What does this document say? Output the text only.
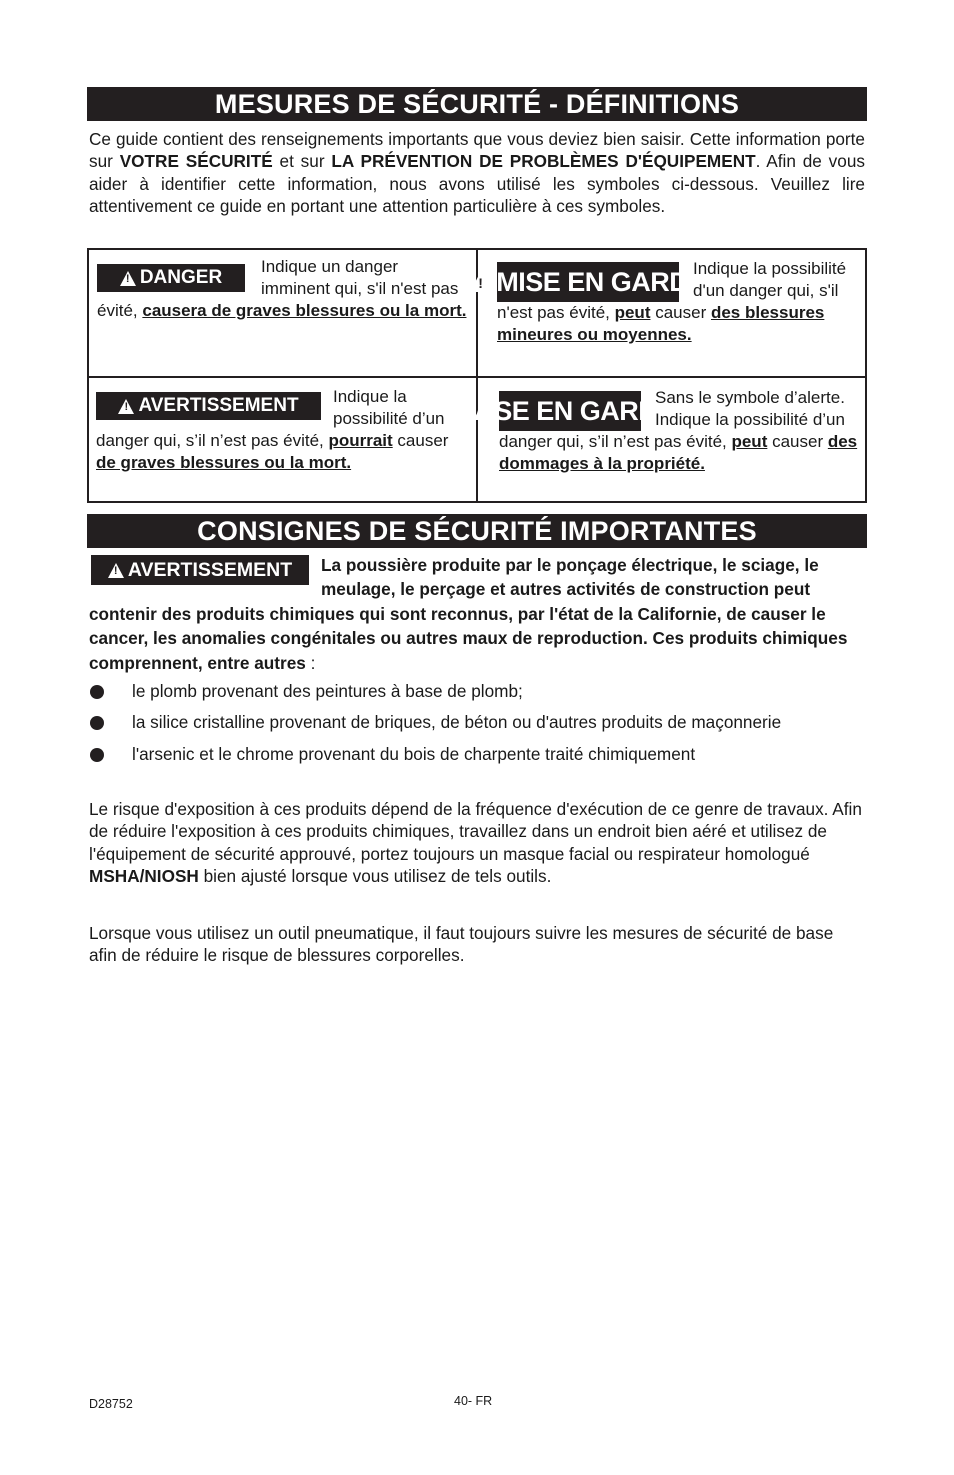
MESURES DE SÉCURITÉ - DÉFINITIONS

Ce guide contient des renseignements importants que vous deviez bien saisir. Cette information porte sur VOTRE SÉCURITÉ et sur LA PRÉVENTION DE PROBLÈMES D'ÉQUIPEMENT. Afin de vous aider à identifier cette information, nous avons utilisé les symboles ci-dessous. Veuillez lire attentivement ce guide en portant une attention particulière à ces symboles.

!
DANGER
Indique un danger imminent qui, s'il n'est pas évité, causera de graves blessures ou la mort.
!
MISE EN GARDE
Indique la possibilité d'un danger qui, s'il n'est pas évité, peut causer des blessures mineures ou moyennes.
!
AVERTISSEMENT Indique la possibilité d’un danger qui, s’il n’est pas évité, pourrait causer de graves blessures ou la mort.
MISE EN GARDE
Sans le symbole d’alerte. Indique la possibilité d’un danger qui, s’il n’est pas évité, peut causer des dommages à la propriété.
CONSIGNES DE SÉCURITÉ IMPORTANTES
!
AVERTISSEMENT La poussière produite par le ponçage électrique, le sciage, le meulage, le perçage et autres activités de construction peut contenir des produits chimiques qui sont reconnus, par l'état de la Californie, de causer le cancer, les anomalies congénitales ou autres maux de reproduction. Ces produits chimiques comprennent, entre autres :
le plomb provenant des peintures à base de plomb;
la silice cristalline provenant de briques, de béton ou d'autres produits de maçonnerie
l'arsenic et le chrome provenant du bois de charpente traité chimiquement

Le risque d'exposition à ces produits dépend de la fréquence d'exécution de ce genre de travaux. Afin de réduire l'exposition à ces produits chimiques, travaillez dans un endroit bien aéré et utilisez de l'équipement de sécurité approuvé, portez toujours un masque facial ou respirateur homologué MSHA/NIOSH bien ajusté lorsque vous utilisez de tels outils.

Lorsque vous utilisez un outil pneumatique, il faut toujours suivre les mesures de sécurité de base afin de réduire le risque de blessures corporelles.

D28752	40- FR
